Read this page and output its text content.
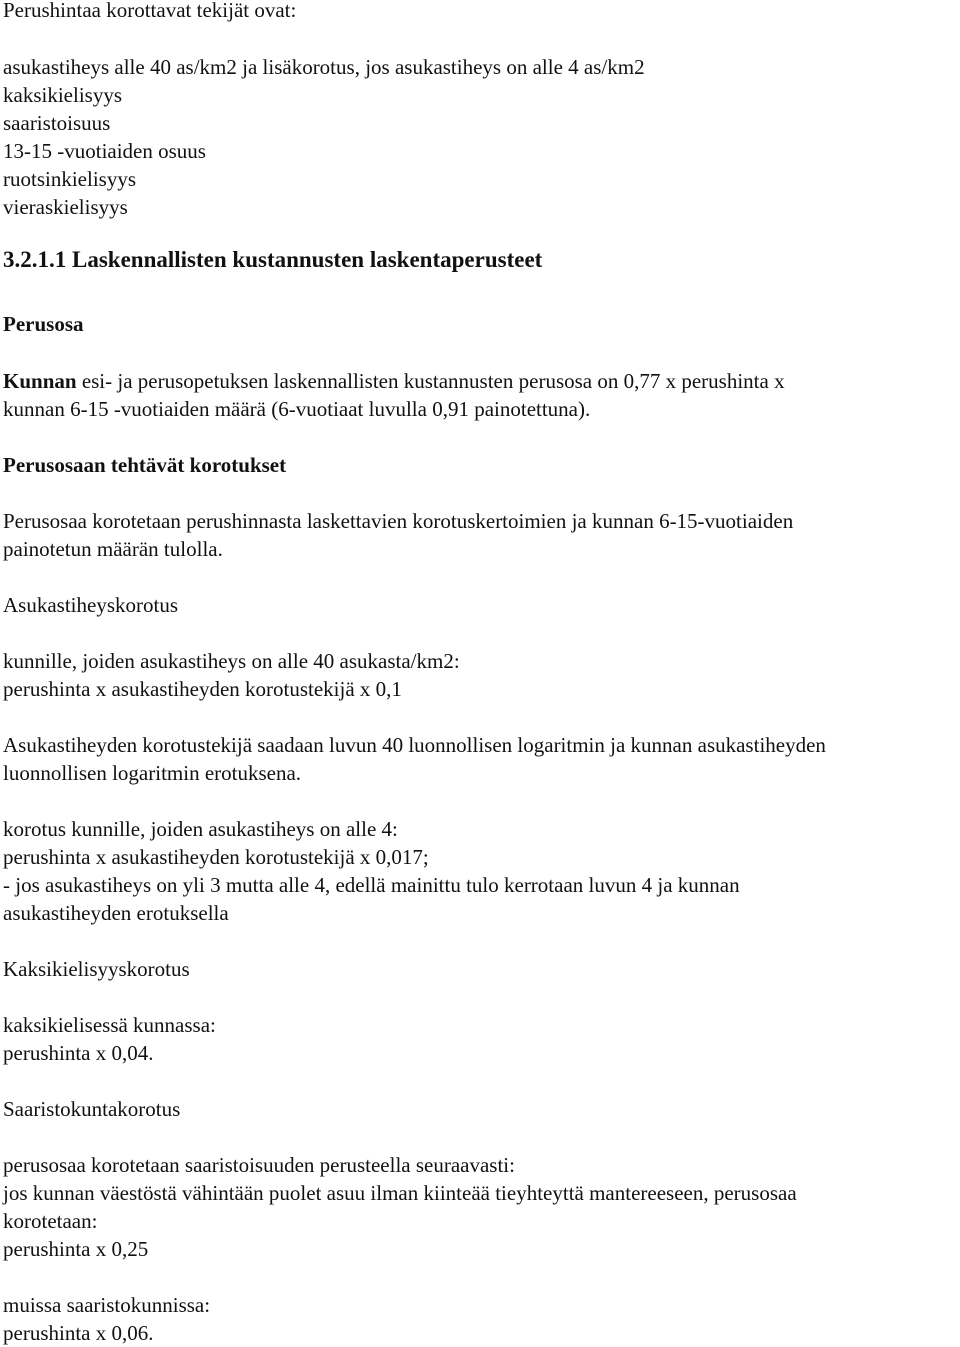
Perushintaa korottavat tekijät ovat:
asukastiheys alle 40 as/km2 ja lisäkorotus, jos asukastiheys on alle 4 as/km2
kaksikielisyys
saaristoisuus
13-15 -vuotiaiden osuus
ruotsinkielisyys
vieraskielisyys
3.2.1.1 Laskennallisten kustannusten laskentaperusteet
Perusosa
Kunnan esi- ja perusopetuksen laskennallisten kustannusten perusosa on 0,77 x perushinta x
kunnan 6-15 -vuotiaiden määrä (6-vuotiaat luvulla 0,91 painotettuna).
Perusosaan tehtävät korotukset
Perusosaa korotetaan perushinnasta laskettavien korotuskertoimien ja kunnan 6-15-vuotiaiden
painotetun määrän tulolla.
Asukastiheyskorotus
kunnille, joiden asukastiheys on alle 40 asukasta/km2:
perushinta x asukastiheyden korotustekijä x 0,1
Asukastiheyden korotustekijä saadaan luvun 40 luonnollisen logaritmin ja kunnan asukastiheyden
luonnollisen logaritmin erotuksena.
korotus kunnille, joiden asukastiheys on alle 4:
perushinta x asukastiheyden korotustekijä x 0,017;
- jos asukastiheys on yli 3 mutta alle 4, edellä mainittu tulo kerrotaan luvun 4 ja kunnan
asukastiheyden erotuksella
Kaksikielisyyskorotus
kaksikielisessä kunnassa:
perushinta x 0,04.
Saaristokuntakorotus
perusosaa korotetaan saaristoisuuden perusteella seuraavasti:
jos kunnan väestöstä vähintään puolet asuu ilman kiinteää tieyhteyttä mantereeseen, perusosaa
korotetaan:
perushinta x 0,25
muissa saaristokunnissa:
perushinta x 0,06.
